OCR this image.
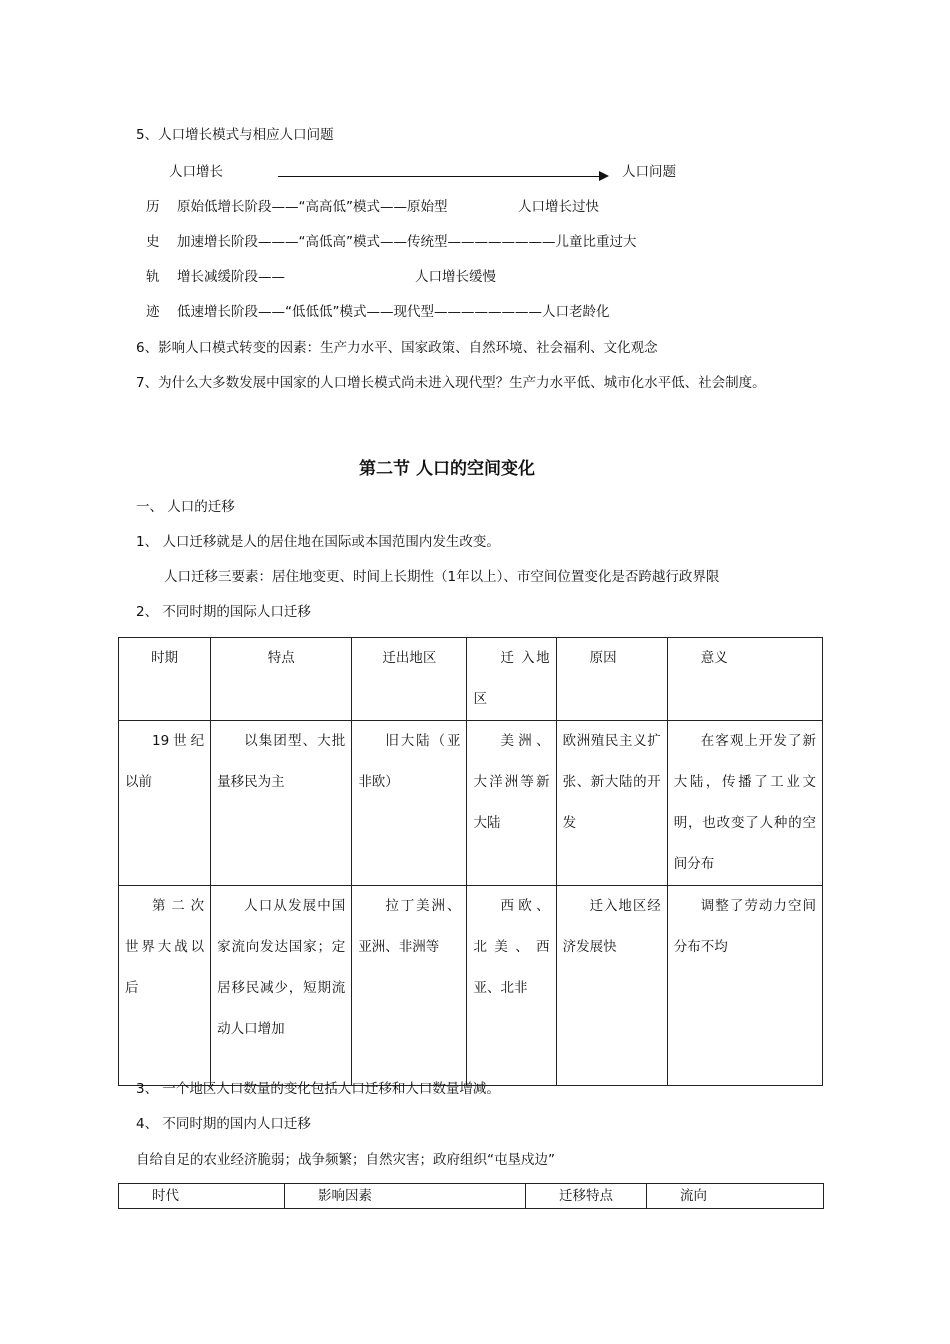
5、人口增长模式与相应人口问题
人口增长	人口问题
历 原始低增长阶段——“高高低”模式——原始型	人口增长过快
史 加速增长阶段———“高低高”模式——传统型————————儿童比重过大
轨 增长减缓阶段——	人口增长缓慢
迹 低速增长阶段——“低低低”模式——现代型————————人口老龄化
6、影响人口模式转变的因素：生产力水平、国家政策、自然环境、社会福利、文化观念
7、为什么大多数发展中国家的人口增长模式尚未进入现代型？生产力水平低、城市化水平低、社会制度。
第二节 人口的空间变化
一、 人口的迁移
1、 人口迁移就是人的居住地在国际或本国范围内发生改变。
人口迁移三要素：居住地变更、时间上长期性（1年以上）、市空间位置变化是否跨越行政界限
2、 不同时期的国际人口迁移
时期	特点	迁出地区	迁 入地区	原因	意义
19世纪以前	以集团型、大批量移民为主	旧大陆（亚非欧）	美洲、大洋洲等新大陆	欧洲殖民主义扩张、新大陆的开发	在客观上开发了新大陆，传播了工业文明，也改变了人种的空间分布
第二次世界大战以后	人口从发展中国家流向发达国家；定居移民减少，短期流动人口增加	拉丁美洲、亚洲、非洲等	西欧、北美、西亚、北非	迁入地区经济发展快	调整了劳动力空间分布不均
3、 一个地区人口数量的变化包括人口迁移和人口数量增减。
4、 不同时期的国内人口迁移
自给自足的农业经济脆弱；战争频繁；自然灾害；政府组织“屯垦戍边”
时代	影响因素	迁移特点	流向
